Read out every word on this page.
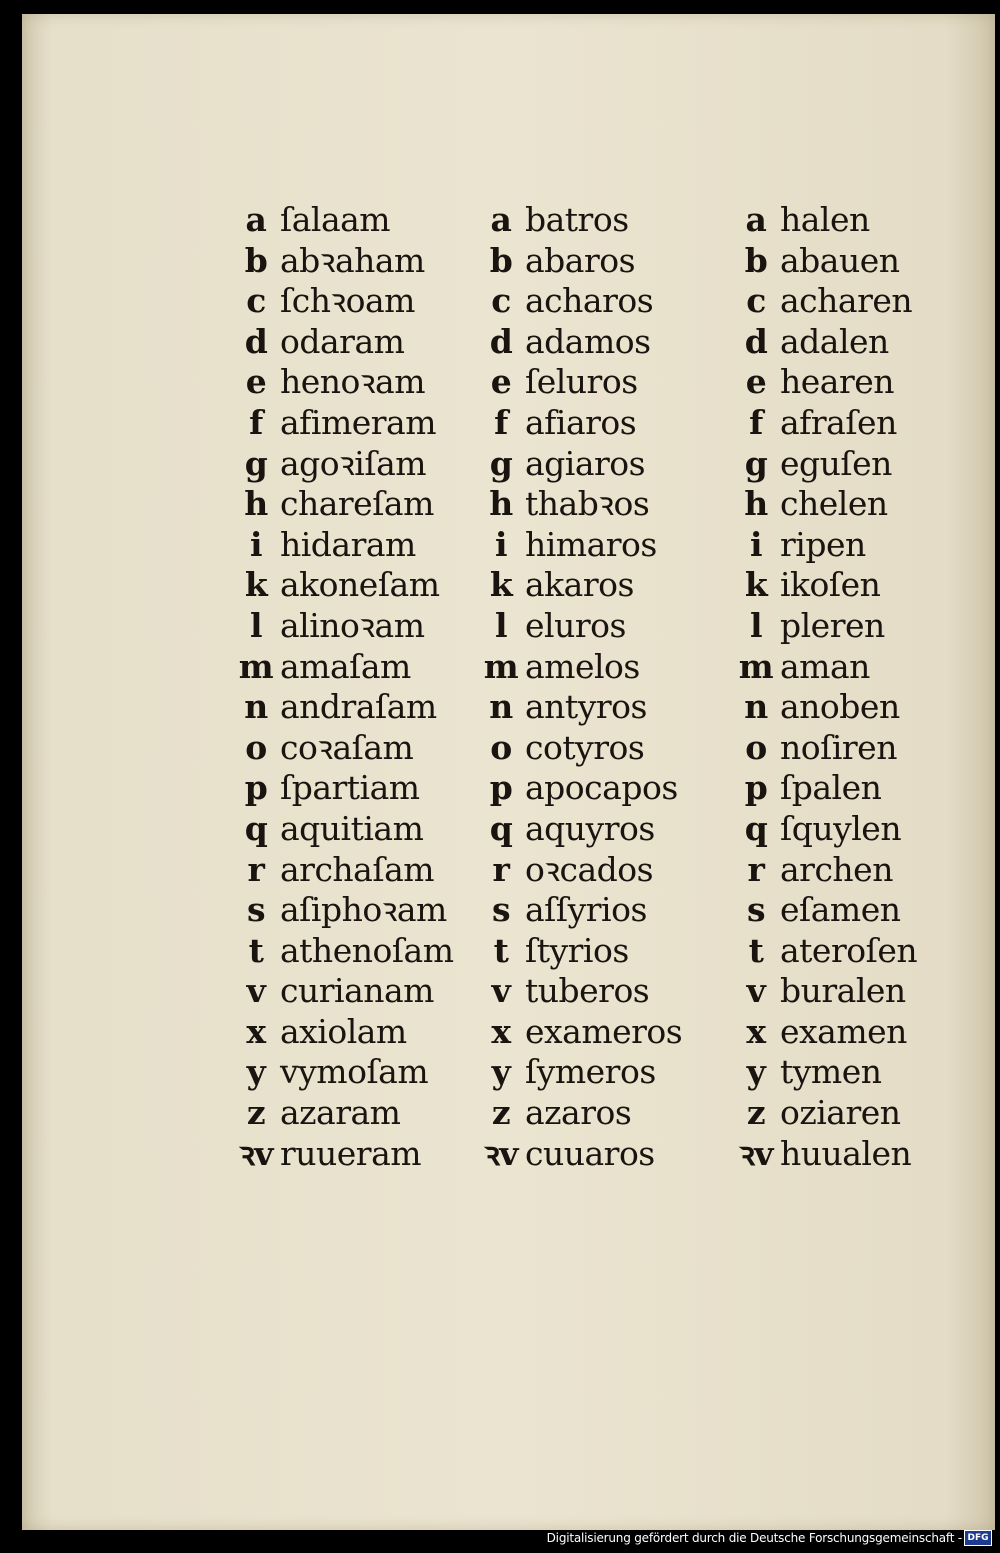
a ſalaam
b abꝛaham
c ſchꝛoam
d odaram
e henoꝛam
f afimeram
g agoꝛiſam
h chareſam
i hidaram
k akoneſam
l alinoꝛam
m amaſam
n andraſam
o coꝛaſam
p ſpartiam
q aquitiam
r archaſam
s aſiphoꝛam
t athenoſam
v curianam
x axiolam
y vymoſam
z azaram
ꝛv ruueram
a batros
b abaros
c acharos
d adamos
e ſeluros
f afiaros
g agiaros
h thabꝛos
i himaros
k akaros
l eluros
m amelos
n antyros
o cotyros
p apocapos
q aquyros
r oꝛcados
s aſſyrios
t ſtyrios
v tuberos
x exameros
y ſymeros
z azaros
ꝛv cuuaros
a halen
b abauen
c acharen
d adalen
e hearen
f afraſen
g eguſen
h chelen
i ripen
k ikoſen
l pleren
m aman
n anoben
o noſiren
p ſpalen
q ſquylen
r archen
s eſamen
t ateroſen
v buralen
x examen
y tymen
z oziaren
ꝛv huualen
Digitalisierung gefördert durch die Deutsche Forschungsgemeinschaft - DFG
